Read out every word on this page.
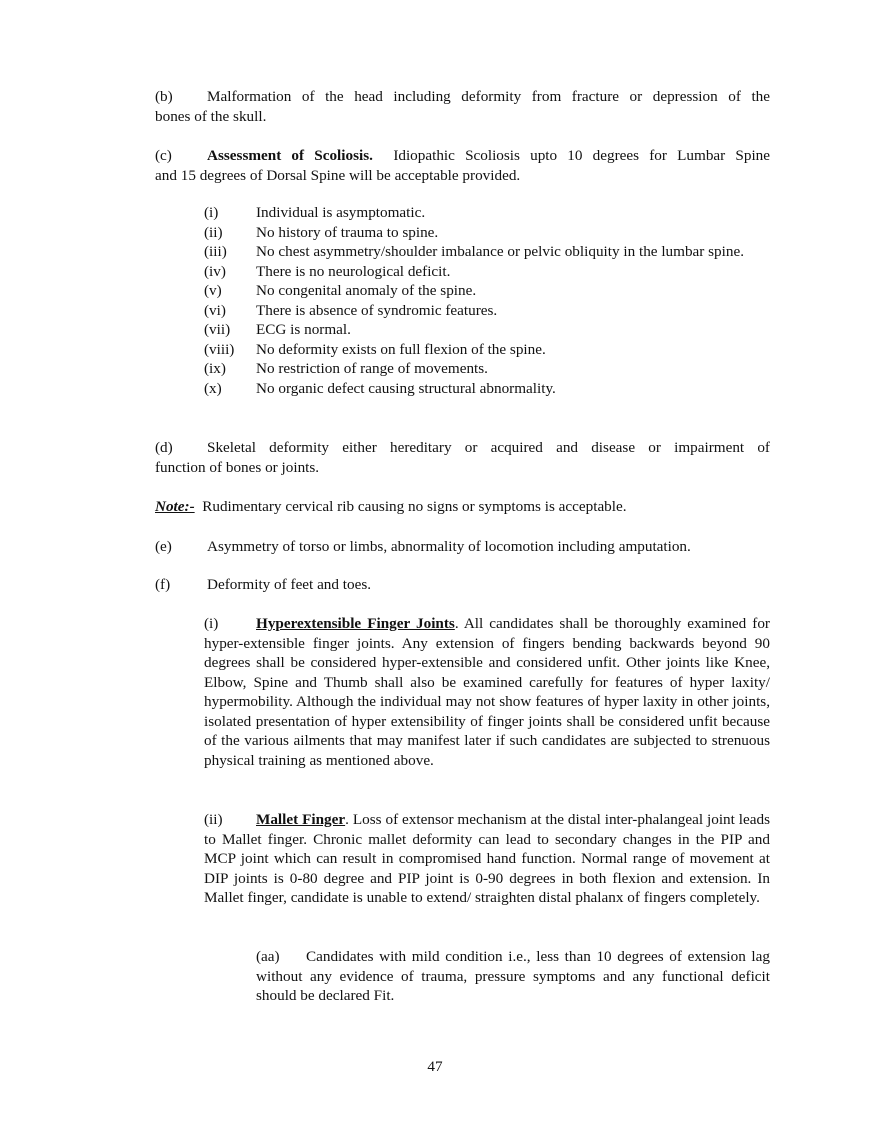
(b) Malformation of the head including deformity from fracture or depression of the
bones of the skull.
(c) Assessment of Scoliosis. Idiopathic Scoliosis upto 10 degrees for Lumbar Spine
and 15 degrees of Dorsal Spine will be acceptable provided.
(i) Individual is asymptomatic.
(ii) No history of trauma to spine.
(iii) No chest asymmetry/shoulder imbalance or pelvic obliquity in the lumbar spine.
(iv) There is no neurological deficit.
(v) No congenital anomaly of the spine.
(vi) There is absence of syndromic features.
(vii) ECG is normal.
(viii) No deformity exists on full flexion of the spine.
(ix) No restriction of range of movements.
(x) No organic defect causing structural abnormality.
(d) Skeletal deformity either hereditary or acquired and disease or impairment of
function of bones or joints.
Note:- Rudimentary cervical rib causing no signs or symptoms is acceptable.
(e) Asymmetry of torso or limbs, abnormality of locomotion including amputation.
(f) Deformity of feet and toes.
(i) Hyperextensible Finger Joints. All candidates shall be thoroughly examined for hyper-extensible finger joints. Any extension of fingers bending backwards beyond 90 degrees shall be considered hyper-extensible and considered unfit. Other joints like Knee, Elbow, Spine and Thumb shall also be examined carefully for features of hyper laxity/ hypermobility. Although the individual may not show features of hyper laxity in other joints, isolated presentation of hyper extensibility of finger joints shall be considered unfit because of the various ailments that may manifest later if such candidates are subjected to strenuous physical training as mentioned above.
(ii) Mallet Finger. Loss of extensor mechanism at the distal inter-phalangeal joint leads to Mallet finger. Chronic mallet deformity can lead to secondary changes in the PIP and MCP joint which can result in compromised hand function. Normal range of movement at DIP joints is 0-80 degree and PIP joint is 0-90 degrees in both flexion and extension. In Mallet finger, candidate is unable to extend/ straighten distal phalanx of fingers completely.
(aa) Candidates with mild condition i.e., less than 10 degrees of extension lag without any evidence of trauma, pressure symptoms and any functional deficit should be declared Fit.
47
